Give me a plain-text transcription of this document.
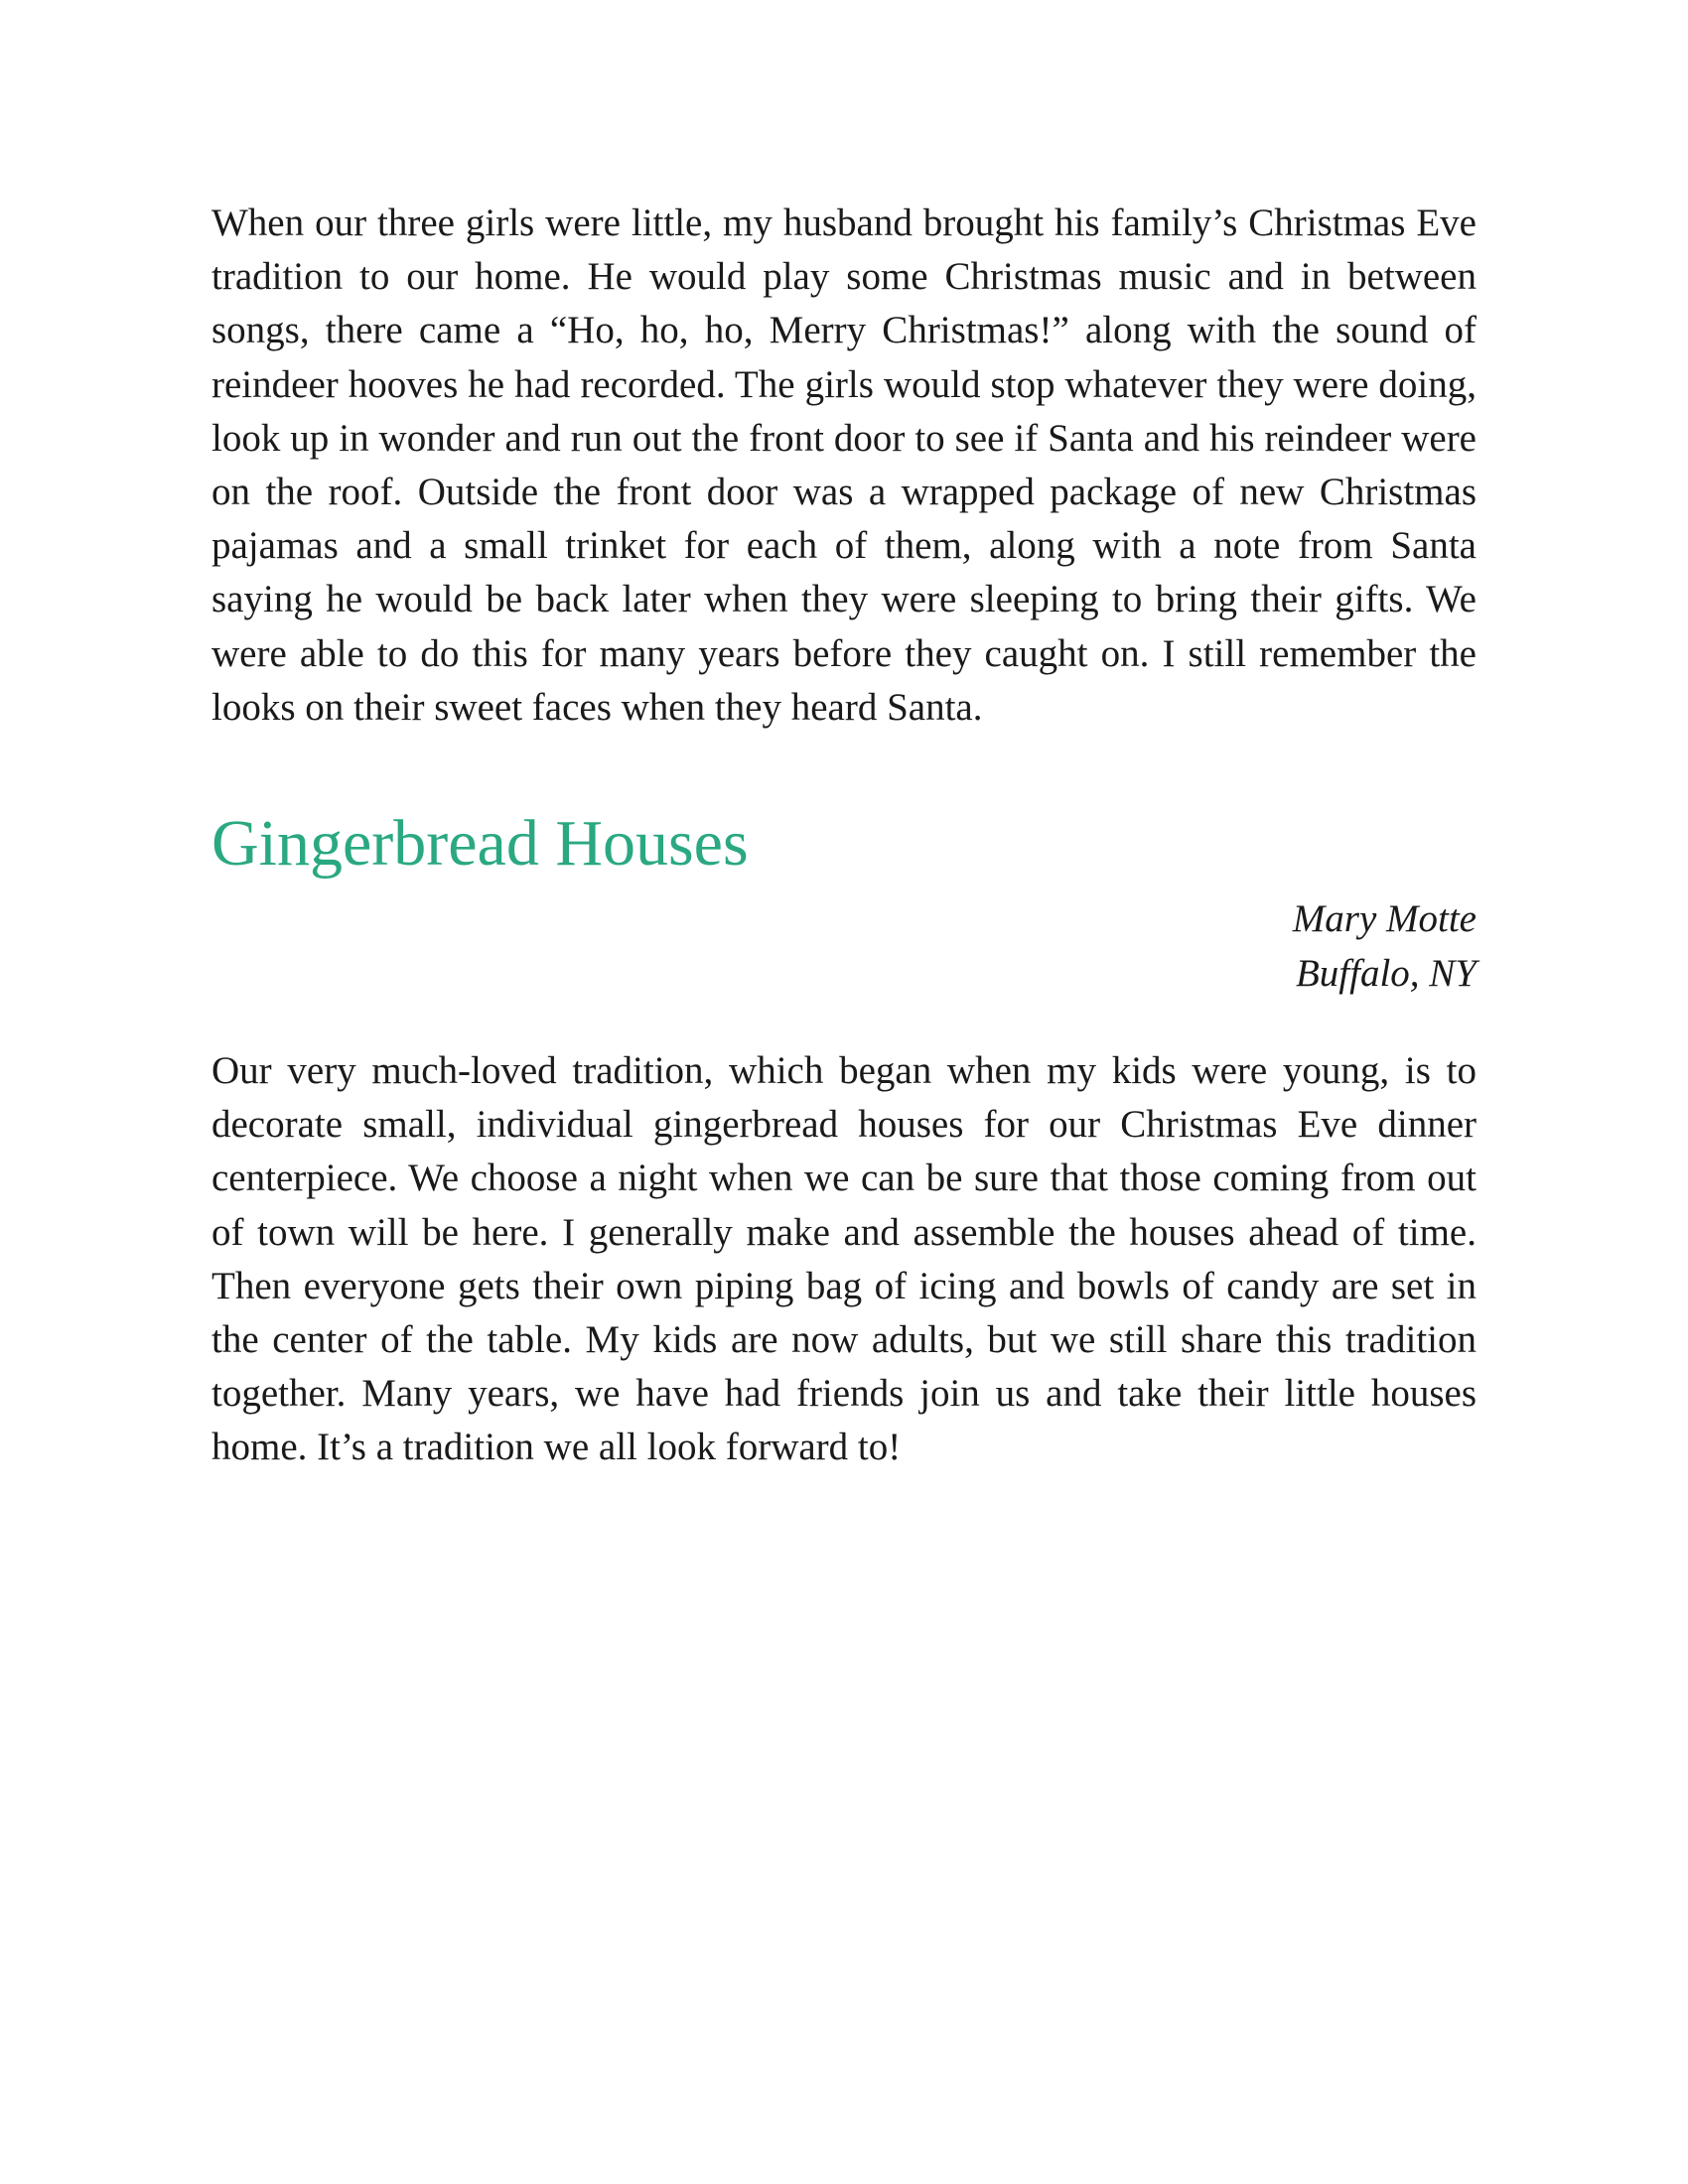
When our three girls were little, my husband brought his family’s Christmas Eve tradition to our home. He would play some Christmas music and in between songs, there came a “Ho, ho, ho, Merry Christmas!” along with the sound of reindeer hooves he had recorded. The girls would stop whatever they were doing, look up in wonder and run out the front door to see if Santa and his reindeer were on the roof. Outside the front door was a wrapped package of new Christmas pajamas and a small trinket for each of them, along with a note from Santa saying he would be back later when they were sleeping to bring their gifts. We were able to do this for many years before they caught on. I still remember the looks on their sweet faces when they heard Santa.

Gingerbread Houses
Mary Motte
Buffalo, NY

Our very much-loved tradition, which began when my kids were young, is to decorate small, individual gingerbread houses for our Christmas Eve dinner centerpiece. We choose a night when we can be sure that those coming from out of town will be here. I generally make and assemble the houses ahead of time. Then everyone gets their own piping bag of icing and bowls of candy are set in the center of the table. My kids are now adults, but we still share this tradition together. Many years, we have had friends join us and take their little houses home. It’s a tradition we all look forward to!
